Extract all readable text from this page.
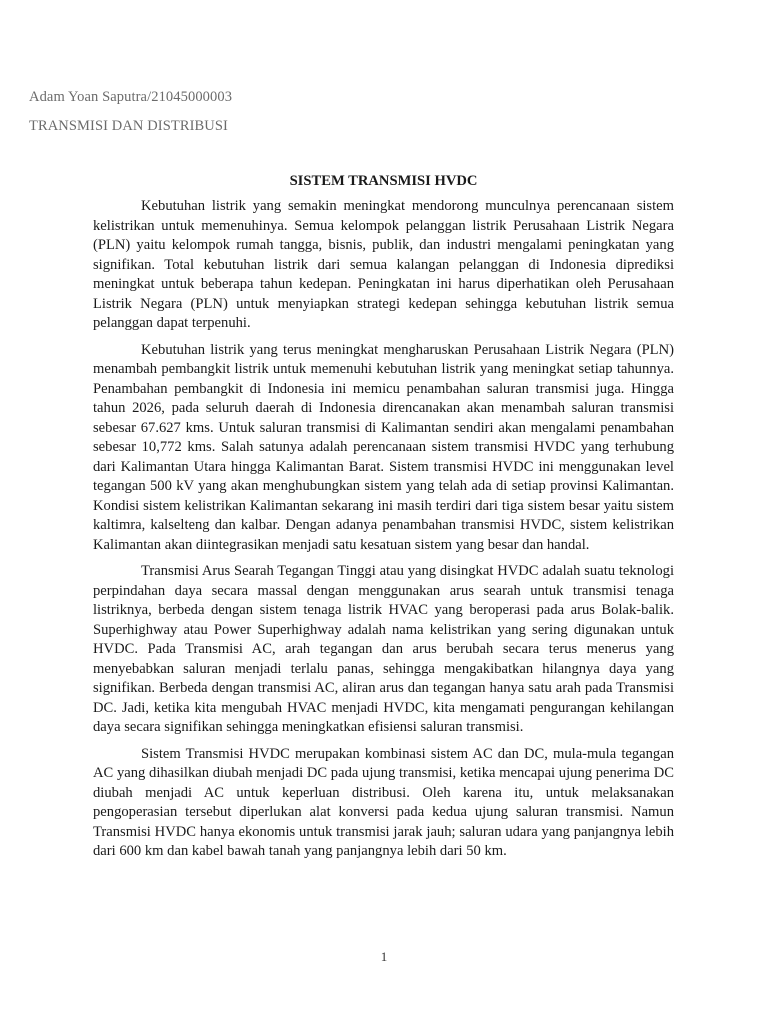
Adam Yoan Saputra/21045000003
TRANSMISI DAN DISTRIBUSI
SISTEM TRANSMISI HVDC

Kebutuhan listrik yang semakin meningkat mendorong munculnya perencanaan sistem kelistrikan untuk memenuhinya. Semua kelompok pelanggan listrik Perusahaan Listrik Negara (PLN) yaitu kelompok rumah tangga, bisnis, publik, dan industri mengalami peningkatan yang signifikan. Total kebutuhan listrik dari semua kalangan pelanggan di Indonesia diprediksi meningkat untuk beberapa tahun kedepan. Peningkatan ini harus diperhatikan oleh Perusahaan Listrik Negara (PLN) untuk menyiapkan strategi kedepan sehingga kebutuhan listrik semua pelanggan dapat terpenuhi.

Kebutuhan listrik yang terus meningkat mengharuskan Perusahaan Listrik Negara (PLN) menambah pembangkit listrik untuk memenuhi kebutuhan listrik yang meningkat setiap tahunnya. Penambahan pembangkit di Indonesia ini memicu penambahan saluran transmisi juga. Hingga tahun 2026, pada seluruh daerah di Indonesia direncanakan akan menambah saluran transmisi sebesar 67.627 kms. Untuk saluran transmisi di Kalimantan sendiri akan mengalami penambahan sebesar 10,772 kms. Salah satunya adalah perencanaan sistem transmisi HVDC yang terhubung dari Kalimantan Utara hingga Kalimantan Barat. Sistem transmisi HVDC ini menggunakan level tegangan 500 kV yang akan menghubungkan sistem yang telah ada di setiap provinsi Kalimantan. Kondisi sistem kelistrikan Kalimantan sekarang ini masih terdiri dari tiga sistem besar yaitu sistem kaltimra, kalselteng dan kalbar. Dengan adanya penambahan transmisi HVDC, sistem kelistrikan Kalimantan akan diintegrasikan menjadi satu kesatuan sistem yang besar dan handal.

Transmisi Arus Searah Tegangan Tinggi atau yang disingkat HVDC adalah suatu teknologi perpindahan daya secara massal dengan menggunakan arus searah untuk transmisi tenaga listriknya, berbeda dengan sistem tenaga listrik HVAC yang beroperasi pada arus Bolak-balik. Superhighway atau Power Superhighway adalah nama kelistrikan yang sering digunakan untuk HVDC. Pada Transmisi AC, arah tegangan dan arus berubah secara terus menerus yang menyebabkan saluran menjadi terlalu panas, sehingga mengakibatkan hilangnya daya yang signifikan. Berbeda dengan transmisi AC, aliran arus dan tegangan hanya satu arah pada Transmisi DC. Jadi, ketika kita mengubah HVAC menjadi HVDC, kita mengamati pengurangan kehilangan daya secara signifikan sehingga meningkatkan efisiensi saluran transmisi.

Sistem Transmisi HVDC merupakan kombinasi sistem AC dan DC, mula-mula tegangan AC yang dihasilkan diubah menjadi DC pada ujung transmisi, ketika mencapai ujung penerima DC diubah menjadi AC untuk keperluan distribusi. Oleh karena itu, untuk melaksanakan pengoperasian tersebut diperlukan alat konversi pada kedua ujung saluran transmisi. Namun Transmisi HVDC hanya ekonomis untuk transmisi jarak jauh; saluran udara yang panjangnya lebih dari 600 km dan kabel bawah tanah yang panjangnya lebih dari 50 km.

1
